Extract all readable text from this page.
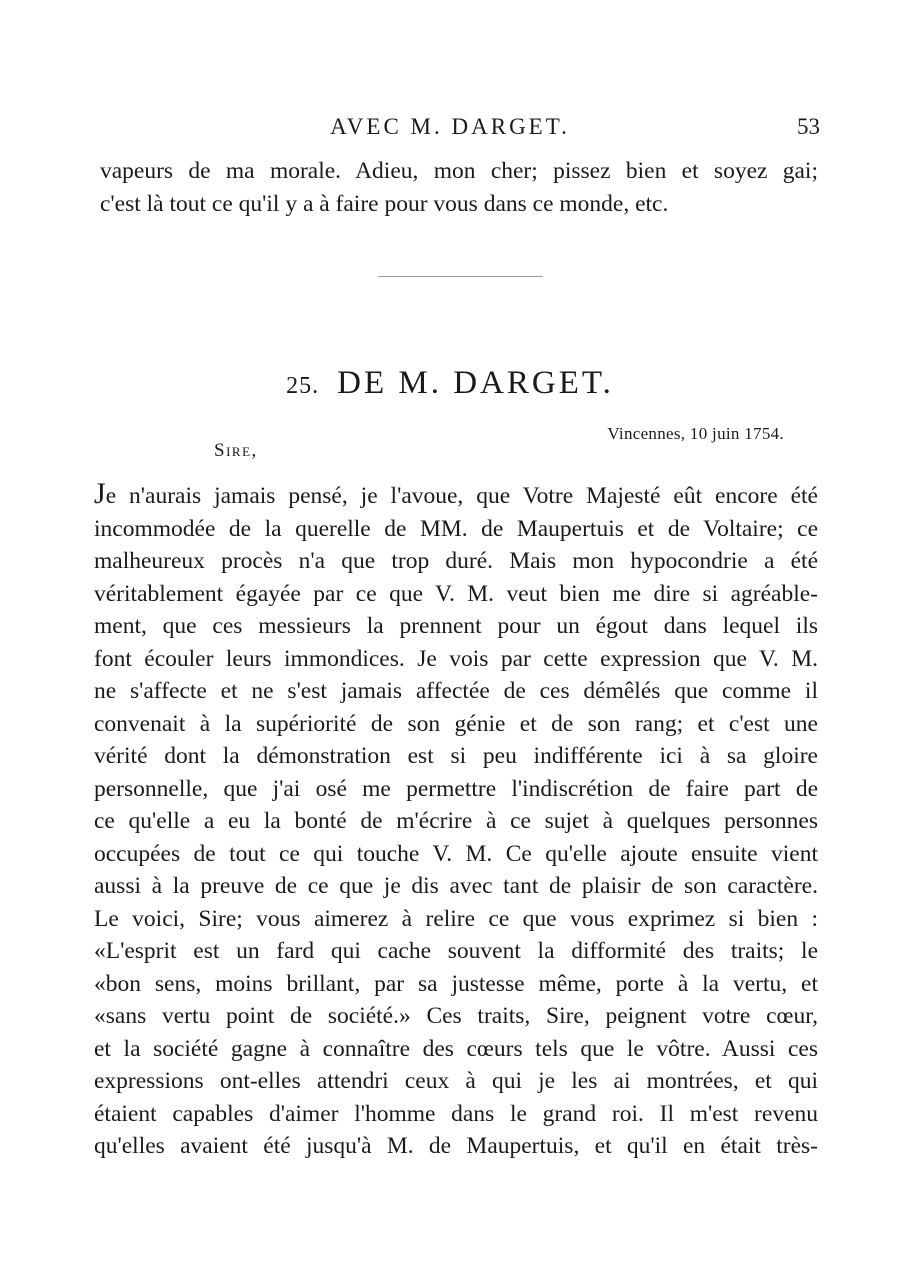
AVEC M. DARGET.	53
vapeurs de ma morale. Adieu, mon cher; pissez bien et soyez gai;
c'est là tout ce qu'il y a à faire pour vous dans ce monde, etc.
25. DE M. DARGET.
Vincennes, 10 juin 1754.
Sire,
Je n'aurais jamais pensé, je l'avoue, que Votre Majesté eût encore été
incommodée de la querelle de MM. de Maupertuis et de Voltaire; ce
malheureux procès n'a que trop duré. Mais mon hypocondrie a été
véritablement égayée par ce que V. M. veut bien me dire si agréable-
ment, que ces messieurs la prennent pour un égout dans lequel ils
font écouler leurs immondices. Je vois par cette expression que V. M.
ne s'affecte et ne s'est jamais affectée de ces démêlés que comme il
convenait à la supériorité de son génie et de son rang; et c'est une
vérité dont la démonstration est si peu indifférente ici à sa gloire
personnelle, que j'ai osé me permettre l'indiscrétion de faire part de
ce qu'elle a eu la bonté de m'écrire à ce sujet à quelques personnes
occupées de tout ce qui touche V. M. Ce qu'elle ajoute ensuite vient
aussi à la preuve de ce que je dis avec tant de plaisir de son caractère.
Le voici, Sire; vous aimerez à relire ce que vous exprimez si bien :
«L'esprit est un fard qui cache souvent la difformité des traits; le
«bon sens, moins brillant, par sa justesse même, porte à la vertu, et
«sans vertu point de société.» Ces traits, Sire, peignent votre cœur,
et la société gagne à connaître des cœurs tels que le vôtre. Aussi ces
expressions ont-elles attendri ceux à qui je les ai montrées, et qui
étaient capables d'aimer l'homme dans le grand roi. Il m'est revenu
qu'elles avaient été jusqu'à M. de Maupertuis, et qu'il en était très-
